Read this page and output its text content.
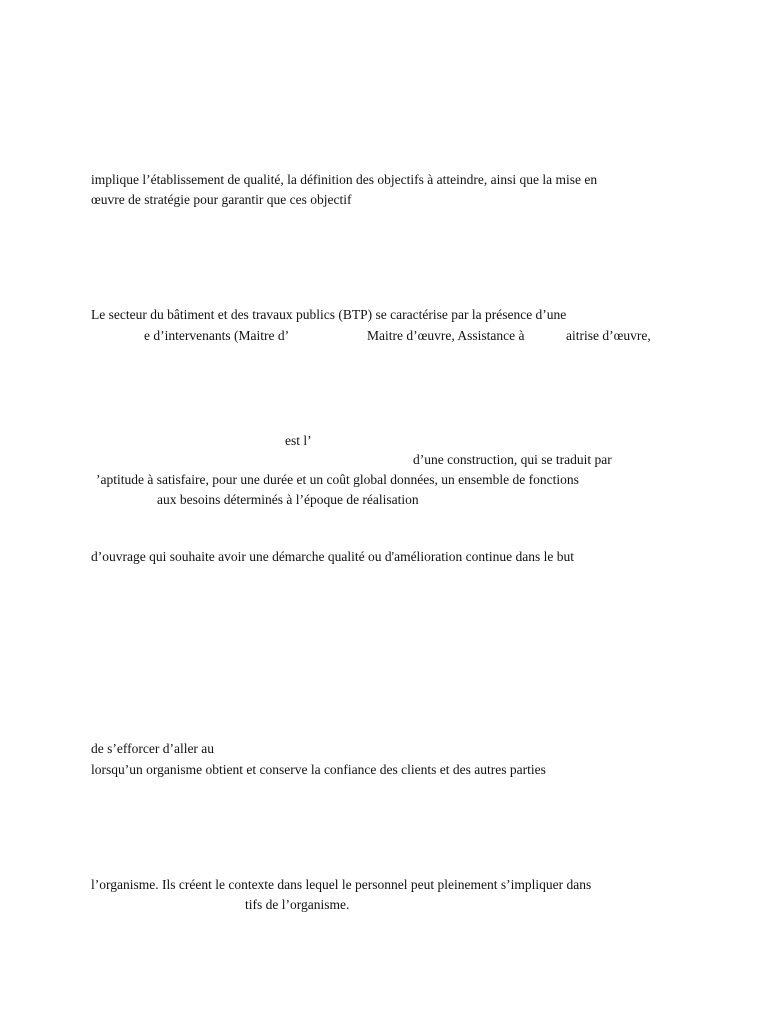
implique l’établissement de qualité, la définition des objectifs à atteindre, ainsi que la mise en
œuvre de stratégie pour garantir que ces objectif
Le secteur du bâtiment et des travaux publics (BTP) se caractérise par la présence d’une
e d’intervenants (Maitre d’	Maitre d’œuvre, Assistance à	aitrise d’œuvre,
est l’
d’une construction, qui se traduit par
’aptitude à satisfaire, pour une durée et un coût global données, un ensemble de fonctions
aux besoins déterminés à l’époque de réalisation
d’ouvrage qui souhaite avoir une démarche qualité ou d'amélioration continue dans le but
de s’efforcer d’aller au
lorsqu’un organisme obtient et conserve la confiance des clients et des autres parties
l’organisme. Ils créent le contexte dans lequel le personnel peut pleinement s’impliquer dans
tifs de l’organisme.
